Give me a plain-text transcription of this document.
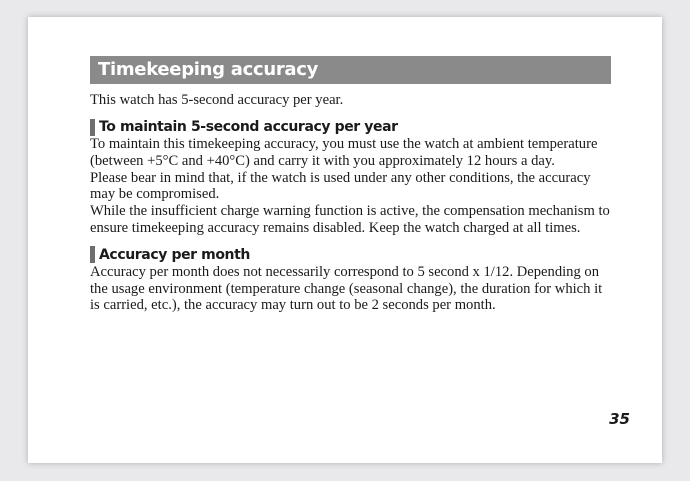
Timekeeping accuracy
This watch has 5-second accuracy per year.
To maintain 5-second accuracy per year

To maintain this timekeeping accuracy, you must use the watch at ambient temperature (between +5°C and +40°C) and carry it with you approximately 12 hours a day.

Please bear in mind that, if the watch is used under any other conditions, the accuracy may be compromised.

While the insufficient charge warning function is active, the compensation mechanism to ensure timekeeping accuracy remains disabled. Keep the watch charged at all times.

Accuracy per month

Accuracy per month does not necessarily correspond to 5 second x 1/12. Depending on the usage environment (temperature change (seasonal change), the duration for which it is carried, etc.), the accuracy may turn out to be 2 seconds per month.

35
